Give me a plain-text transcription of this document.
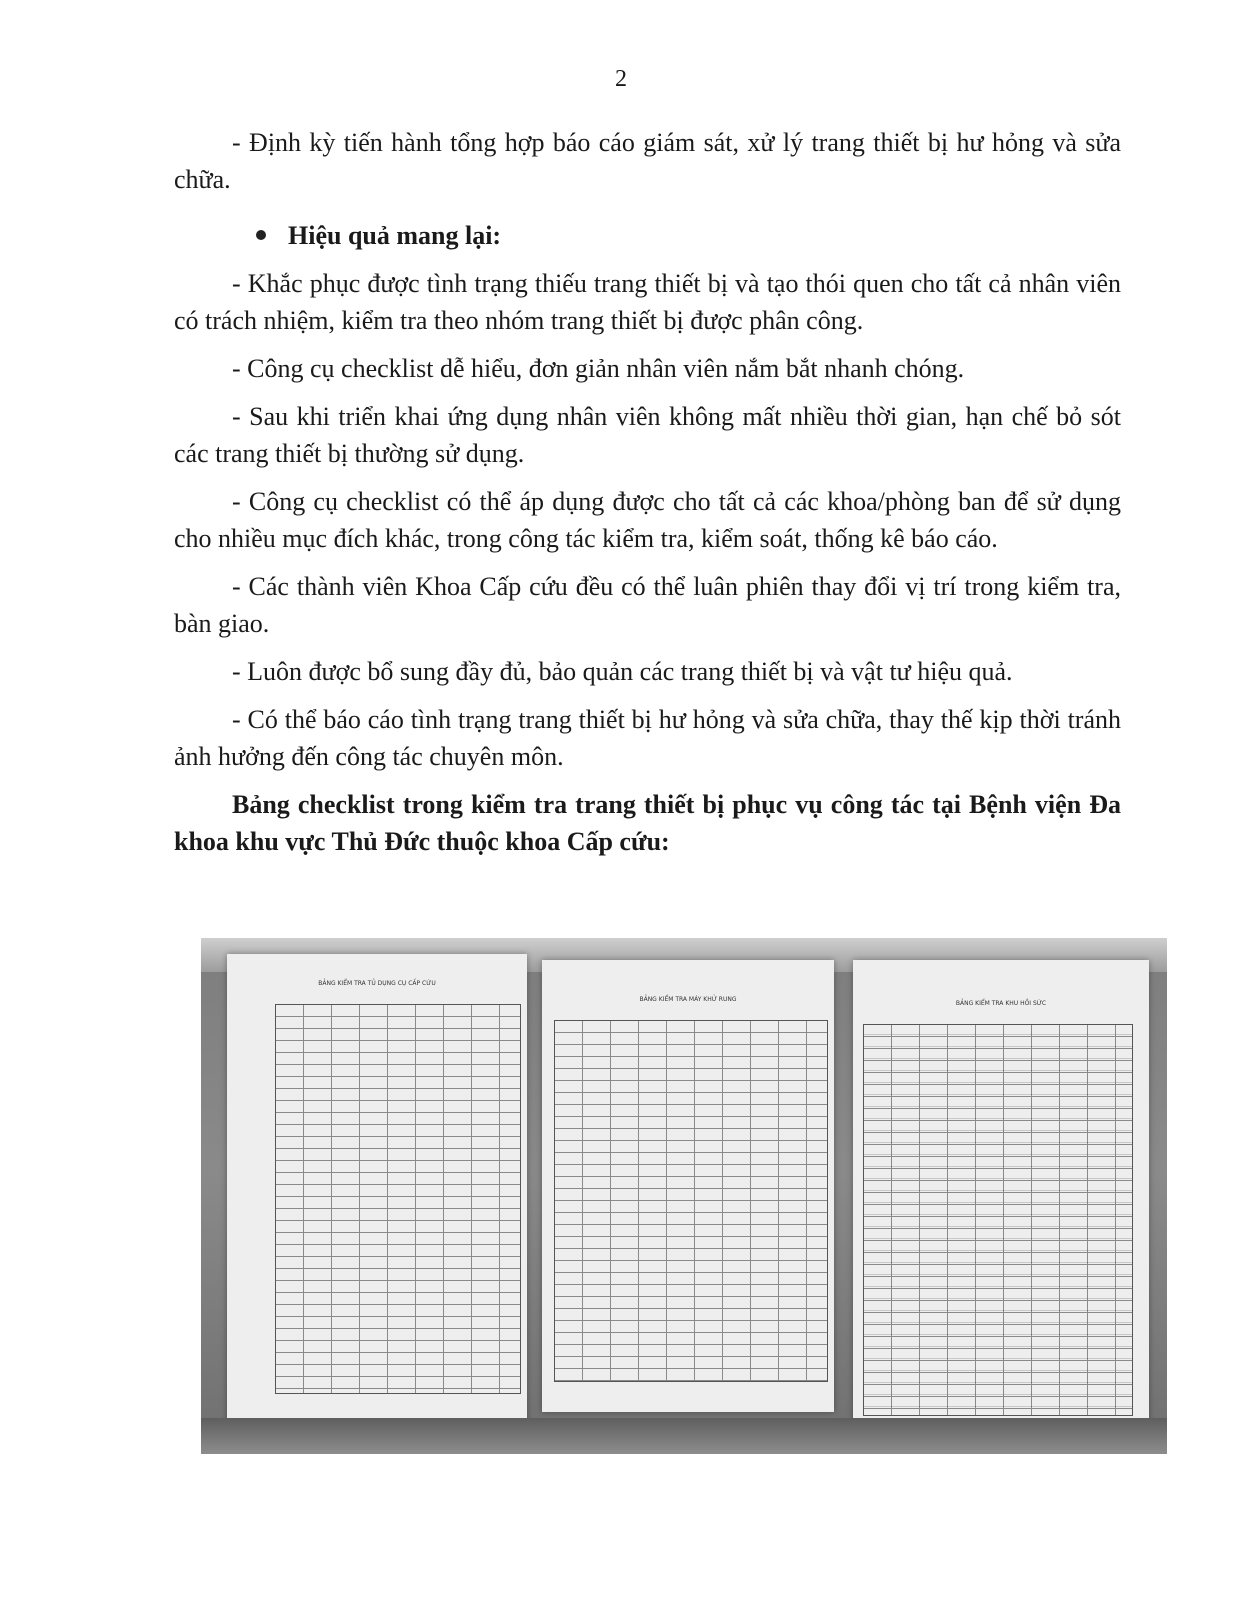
2

- Định kỳ tiến hành tổng hợp báo cáo giám sát, xử lý trang thiết bị hư hỏng và sửa chữa.

Hiệu quả mang lại:

- Khắc phục được tình trạng thiếu trang thiết bị và tạo thói quen cho tất cả nhân viên có trách nhiệm, kiểm tra theo nhóm trang thiết bị được phân công.

- Công cụ checklist dễ hiểu, đơn giản nhân viên nắm bắt nhanh chóng.

- Sau khi triển khai ứng dụng nhân viên không mất nhiều thời gian, hạn chế bỏ sót các trang thiết bị thường sử dụng.

- Công cụ checklist có thể áp dụng được cho tất cả các khoa/phòng ban để sử dụng cho nhiều mục đích khác, trong công tác kiểm tra, kiểm soát, thống kê báo cáo.

- Các thành viên Khoa Cấp cứu đều có thể luân phiên thay đổi vị trí trong kiểm tra, bàn giao.

- Luôn được bổ sung đầy đủ, bảo quản các trang thiết bị và vật tư hiệu quả.

- Có thể báo cáo tình trạng trang thiết bị hư hỏng và sửa chữa, thay thế kịp thời tránh ảnh hưởng đến công tác chuyên môn.

Bảng checklist trong kiểm tra trang thiết bị phục vụ công tác tại Bệnh viện Đa khoa khu vực Thủ Đức thuộc khoa Cấp cứu:

BẢNG KIỂM TRA TỦ DỤNG CỤ CẤP CỨU
BẢNG KIỂM TRA MÁY KHỬ RUNG
BẢNG KIỂM TRA KHU HỒI SỨC
